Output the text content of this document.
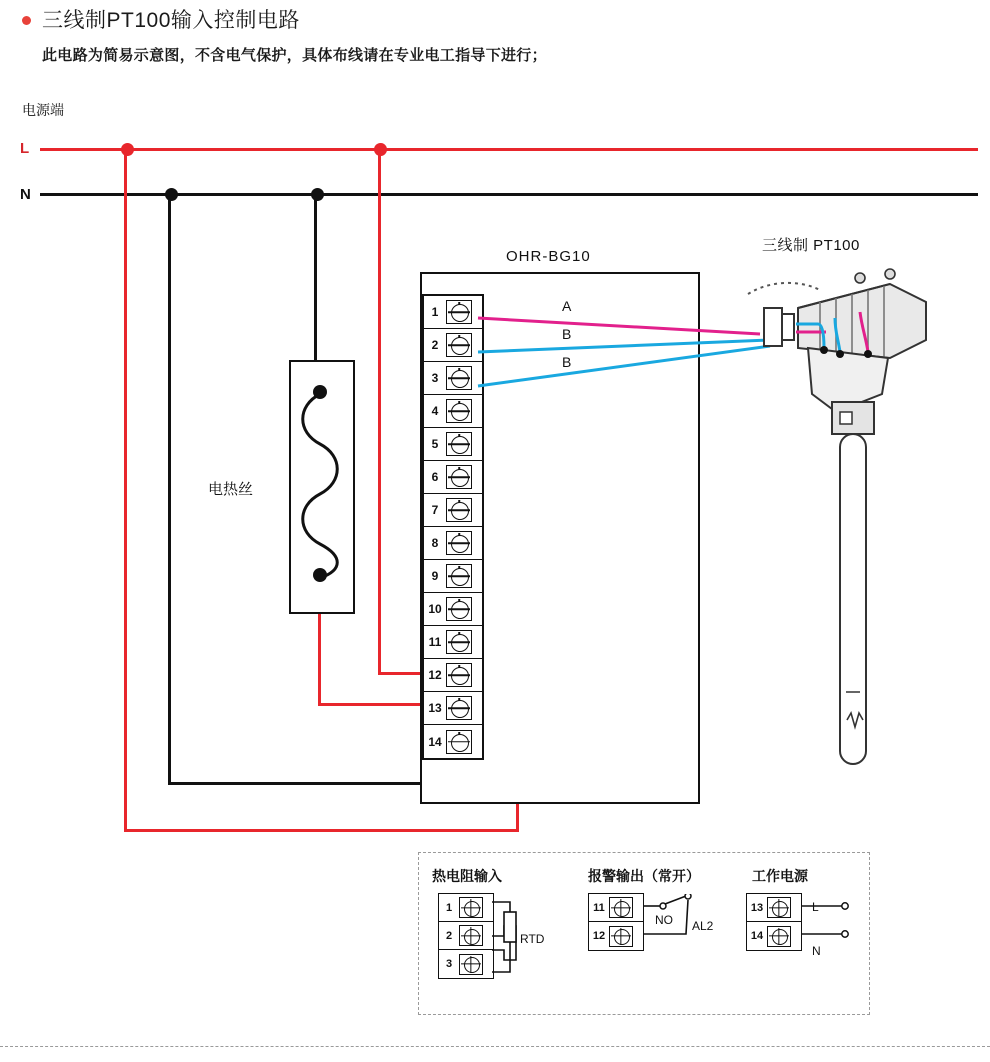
三线制PT100输入控制电路
此电路为简易示意图，不含电气保护，具体布线请在专业电工指导下进行；
电源端
L
N
电热丝
OHR-BG10
1
2
3
4
5
6
7
8
9
10
11
12
13
14
A
B
B
三线制 PT100
热电阻输入
1
2
3
RTD
报警输出（常开）
11
12
NO AL2
工作电源
13
14
L
N
